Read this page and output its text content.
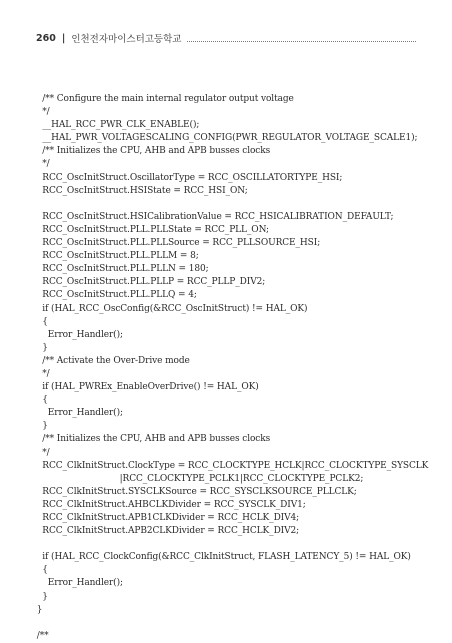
260 | 인천전자마이스터고등학교
/** Configure the main internal regulator output voltage
*/
__HAL_RCC_PWR_CLK_ENABLE();
__HAL_PWR_VOLTAGESCALING_CONFIG(PWR_REGULATOR_VOLTAGE_SCALE1);
/** Initializes the CPU, AHB and APB busses clocks
*/
RCC_OscInitStruct.OscillatorType = RCC_OSCILLATORTYPE_HSI;
RCC_OscInitStruct.HSIState = RCC_HSI_ON;
RCC_OscInitStruct.HSICalibrationValue = RCC_HSICALIBRATION_DEFAULT;
RCC_OscInitStruct.PLL.PLLState = RCC_PLL_ON;
RCC_OscInitStruct.PLL.PLLSource = RCC_PLLSOURCE_HSI;
RCC_OscInitStruct.PLL.PLLM = 8;
RCC_OscInitStruct.PLL.PLLN = 180;
RCC_OscInitStruct.PLL.PLLP = RCC_PLLP_DIV2;
RCC_OscInitStruct.PLL.PLLQ = 4;
if (HAL_RCC_OscConfig(&RCC_OscInitStruct) != HAL_OK)
{
Error_Handler();
}
/** Activate the Over-Drive mode
*/
if (HAL_PWREx_EnableOverDrive() != HAL_OK)
{
Error_Handler();
}
/** Initializes the CPU, AHB and APB busses clocks
*/
RCC_ClkInitStruct.ClockType = RCC_CLOCKTYPE_HCLK|RCC_CLOCKTYPE_SYSCLK
|RCC_CLOCKTYPE_PCLK1|RCC_CLOCKTYPE_PCLK2;
RCC_ClkInitStruct.SYSCLKSource = RCC_SYSCLKSOURCE_PLLCLK;
RCC_ClkInitStruct.AHBCLKDivider = RCC_SYSCLK_DIV1;
RCC_ClkInitStruct.APB1CLKDivider = RCC_HCLK_DIV4;
RCC_ClkInitStruct.APB2CLKDivider = RCC_HCLK_DIV2;
if (HAL_RCC_ClockConfig(&RCC_ClkInitStruct, FLASH_LATENCY_5) != HAL_OK)
{
Error_Handler();
}
}
/**
